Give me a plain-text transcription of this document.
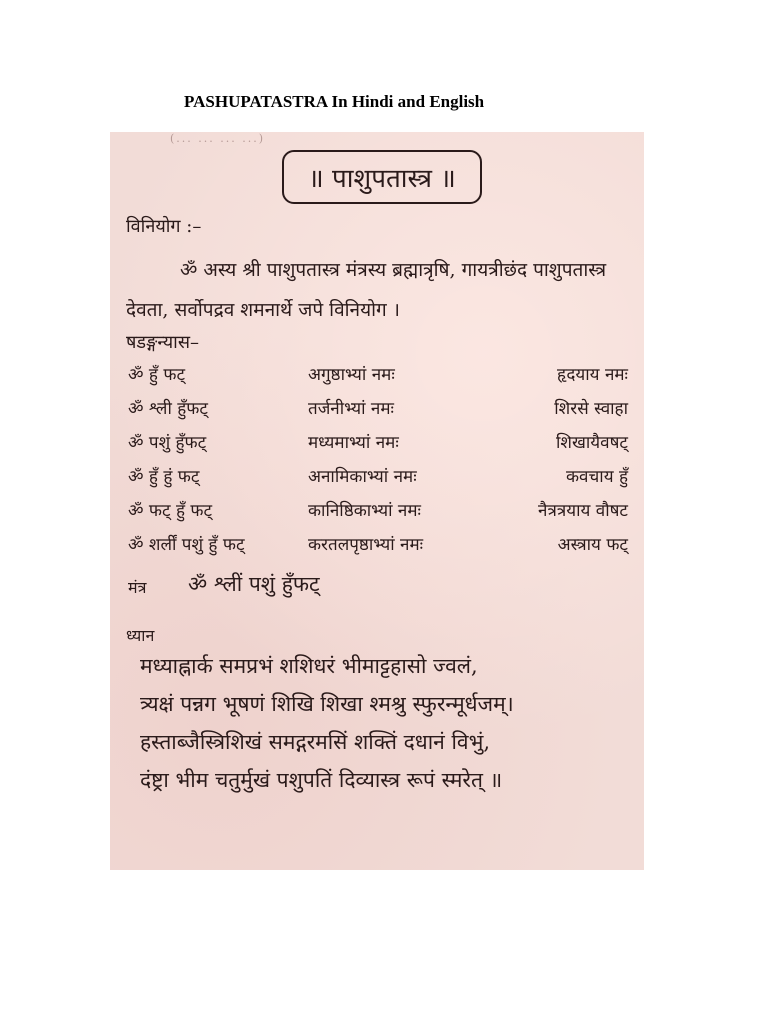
PASHUPATASTRA In Hindi and English
(... ... ... ...)
॥ पाशुपतास्त्र ॥
विनियोग :–
ॐ अस्य श्री पाशुपतास्त्र मंत्रस्य ब्रह्मात्रृषि, गायत्रीछंद पाशुपतास्त्र देवता, सर्वोपद्रव शमनार्थे जपे विनियोग ।
षडङ्गन्यास–
ॐ हुँ फट्	अगुष्ठाभ्यां नमः	हृदयाय नमः
ॐ श्ली हुँफट्	तर्जनीभ्यां नमः	शिरसे स्वाहा
ॐ पशुं हुँफट्	मध्यमाभ्यां नमः	शिखायैवषट्
ॐ हुँ हुं फट्	अनामिकाभ्यां नमः	कवचाय हुँ
ॐ फट् हुँ फट्	कानिष्ठिकाभ्यां नमः	नैत्रत्रयाय वौषट
ॐ शर्लीं पशुं हुँ फट्	करतलपृष्ठाभ्यां नमः	अस्त्राय फट्
मंत्र ॐ श्लीं पशुं हुँफट्
ध्यान
मध्याह्नार्क समप्रभं शशिधरं भीमाट्टहासो ज्वलं,
त्र्यक्षं पन्नग भूषणं शिखि शिखा श्मश्रु स्फुरन्मूर्धजम्।
हस्ताब्जैस्त्रिशिखं समद्गरमसिं शक्तिं दधानं विभुं,
दंष्ट्रा भीम चतुर्मुखं पशुपतिं दिव्यास्त्र रूपं स्मरेत् ॥
